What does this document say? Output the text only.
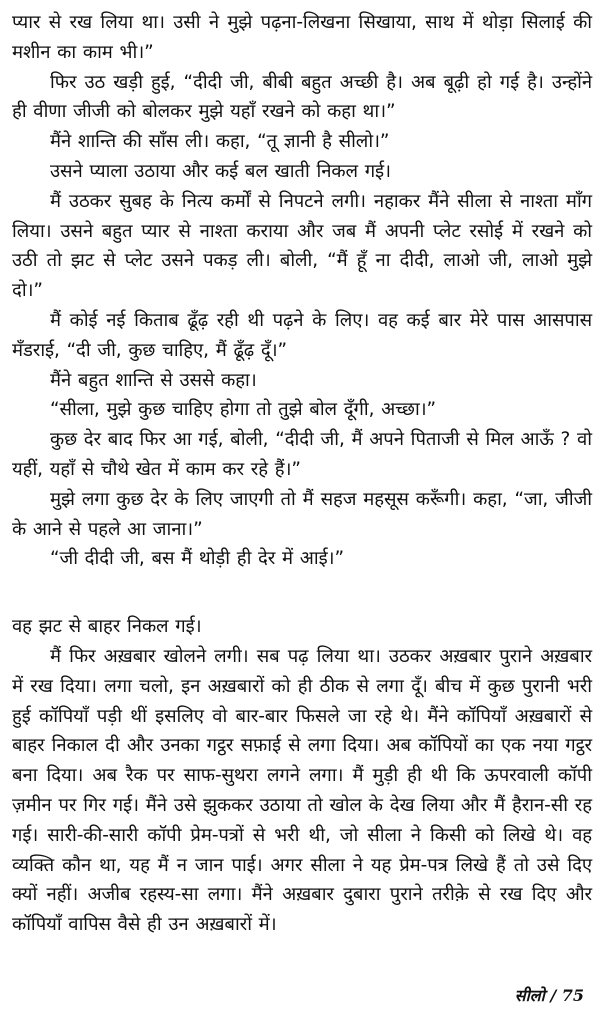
प्यार से रख लिया था। उसी ने मुझे पढ़ना-लिखना सिखाया, साथ में थोड़ा सिलाई की मशीन का काम भी।”

फिर उठ खड़ी हुई, “दीदी जी, बीबी बहुत अच्छी है। अब बूढ़ी हो गई है। उन्होंने ही वीणा जीजी को बोलकर मुझे यहाँ रखने को कहा था।”

मैंने शान्ति की साँस ली। कहा, “तू ज्ञानी है सीलो।”

उसने प्याला उठाया और कई बल खाती निकल गई।

मैं उठकर सुबह के नित्य कर्मों से निपटने लगी। नहाकर मैंने सीला से नाश्ता माँग लिया। उसने बहुत प्यार से नाश्ता कराया और जब मैं अपनी प्लेट रसोई में रखने को उठी तो झट से प्लेट उसने पकड़ ली। बोली, “मैं हूँ ना दीदी, लाओ जी, लाओ मुझे दो।”

मैं कोई नई किताब ढूँढ़ रही थी पढ़ने के लिए। वह कई बार मेरे पास आसपास मँडराई, “दी जी, कुछ चाहिए, मैं ढूँढ़ दूँ।”

मैंने बहुत शान्ति से उससे कहा।

“सीला, मुझे कुछ चाहिए होगा तो तुझे बोल दूँगी, अच्छा।”

कुछ देर बाद फिर आ गई, बोली, “दीदी जी, मैं अपने पिताजी से मिल आऊँ ? वो यहीं, यहाँ से चौथे खेत में काम कर रहे हैं।”

मुझे लगा कुछ देर के लिए जाएगी तो मैं सहज महसूस करूँगी। कहा, “जा, जीजी के आने से पहले आ जाना।”

“जी दीदी जी, बस मैं थोड़ी ही देर में आई।”

वह झट से बाहर निकल गई।

मैं फिर अख़बार खोलने लगी। सब पढ़ लिया था। उठकर अख़बार पुराने अख़बार में रख दिया। लगा चलो, इन अख़बारों को ही ठीक से लगा दूँ। बीच में कुछ पुरानी भरी हुई कॉपियाँ पड़ी थीं इसलिए वो बार-बार फिसले जा रहे थे। मैंने कॉपियाँ अख़बारों से बाहर निकाल दी और उनका गट्ठर सफ़ाई से लगा दिया। अब कॉपियों का एक नया गट्ठर बना दिया। अब रैक पर साफ-सुथरा लगने लगा। मैं मुड़ी ही थी कि ऊपरवाली कॉपी ज़मीन पर गिर गई। मैंने उसे झुककर उठाया तो खोल के देख लिया और मैं हैरान-सी रह गई। सारी-की-सारी कॉपी प्रेम-पत्रों से भरी थी, जो सीला ने किसी को लिखे थे। वह व्यक्ति कौन था, यह मैं न जान पाई। अगर सीला ने यह प्रेम-पत्र लिखे हैं तो उसे दिए क्यों नहीं। अजीब रहस्य-सा लगा। मैंने अख़बार दुबारा पुराने तरीक़े से रख दिए और कॉपियाँ वापिस वैसे ही उन अख़बारों में।

सीलो / 75
